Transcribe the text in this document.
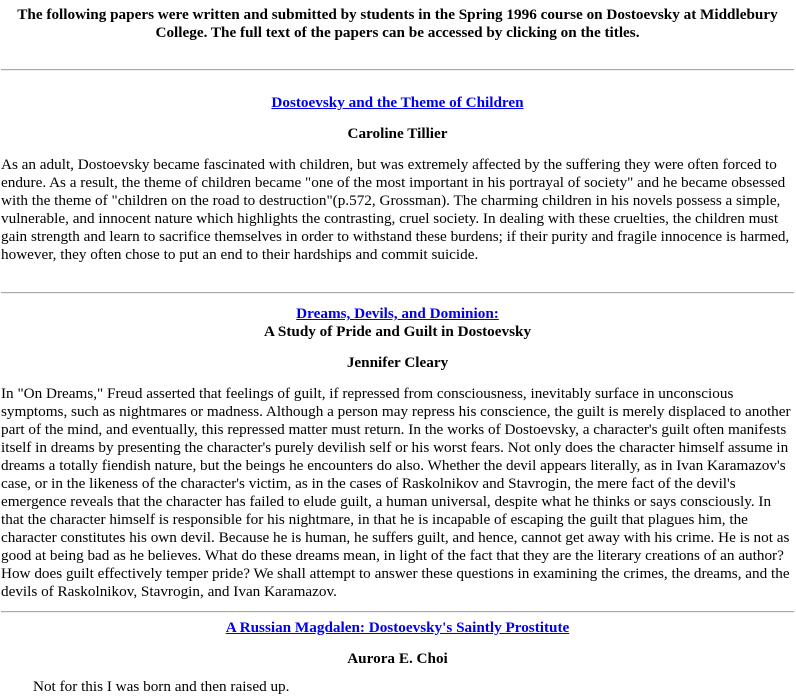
The following papers were written and submitted by students in the Spring 1996 course on Dostoevsky at Middlebury College. The full text of the papers can be accessed by clicking on the titles.

Dostoevsky and the Theme of Children

Caroline Tillier

As an adult, Dostoevsky became fascinated with children, but was extremely affected by the suffering they were often forced to endure. As a result, the theme of children became "one of the most important in his portrayal of society" and he became obsessed with the theme of "children on the road to destruction"(p.572, Grossman). The charming children in his novels possess a simple, vulnerable, and innocent nature which highlights the contrasting, cruel society. In dealing with these cruelties, the children must gain strength and learn to sacrifice themselves in order to withstand these burdens; if their purity and fragile innocence is harmed, however, they often chose to put an end to their hardships and commit suicide.

Dreams, Devils, and Dominion:

A Study of Pride and Guilt in Dostoevsky

Jennifer Cleary

In "On Dreams," Freud asserted that feelings of guilt, if repressed from consciousness, inevitably surface in unconscious symptoms, such as nightmares or madness. Although a person may repress his conscience, the guilt is merely displaced to another part of the mind, and eventually, this repressed matter must return. In the works of Dostoevsky, a character's guilt often manifests itself in dreams by presenting the character's purely devilish self or his worst fears. Not only does the character himself assume in dreams a totally fiendish nature, but the beings he encounters do also. Whether the devil appears literally, as in Ivan Karamazov's case, or in the likeness of the character's victim, as in the cases of Raskolnikov and Stavrogin, the mere fact of the devil's emergence reveals that the character has failed to elude guilt, a human universal, despite what he thinks or says consciously. In that the character himself is responsible for his nightmare, in that he is incapable of escaping the guilt that plagues him, the character constitutes his own devil. Because he is human, he suffers guilt, and hence, cannot get away with his crime. He is not as good at being bad as he believes. What do these dreams mean, in light of the fact that they are the literary creations of an author? How does guilt effectively temper pride? We shall attempt to answer these questions in examining the crimes, the dreams, and the devils of Raskolnikov, Stavrogin, and Ivan Karamazov.

A Russian Magdalen: Dostoevsky's Saintly Prostitute

Aurora E. Choi

Not for this I was born and then raised up.
